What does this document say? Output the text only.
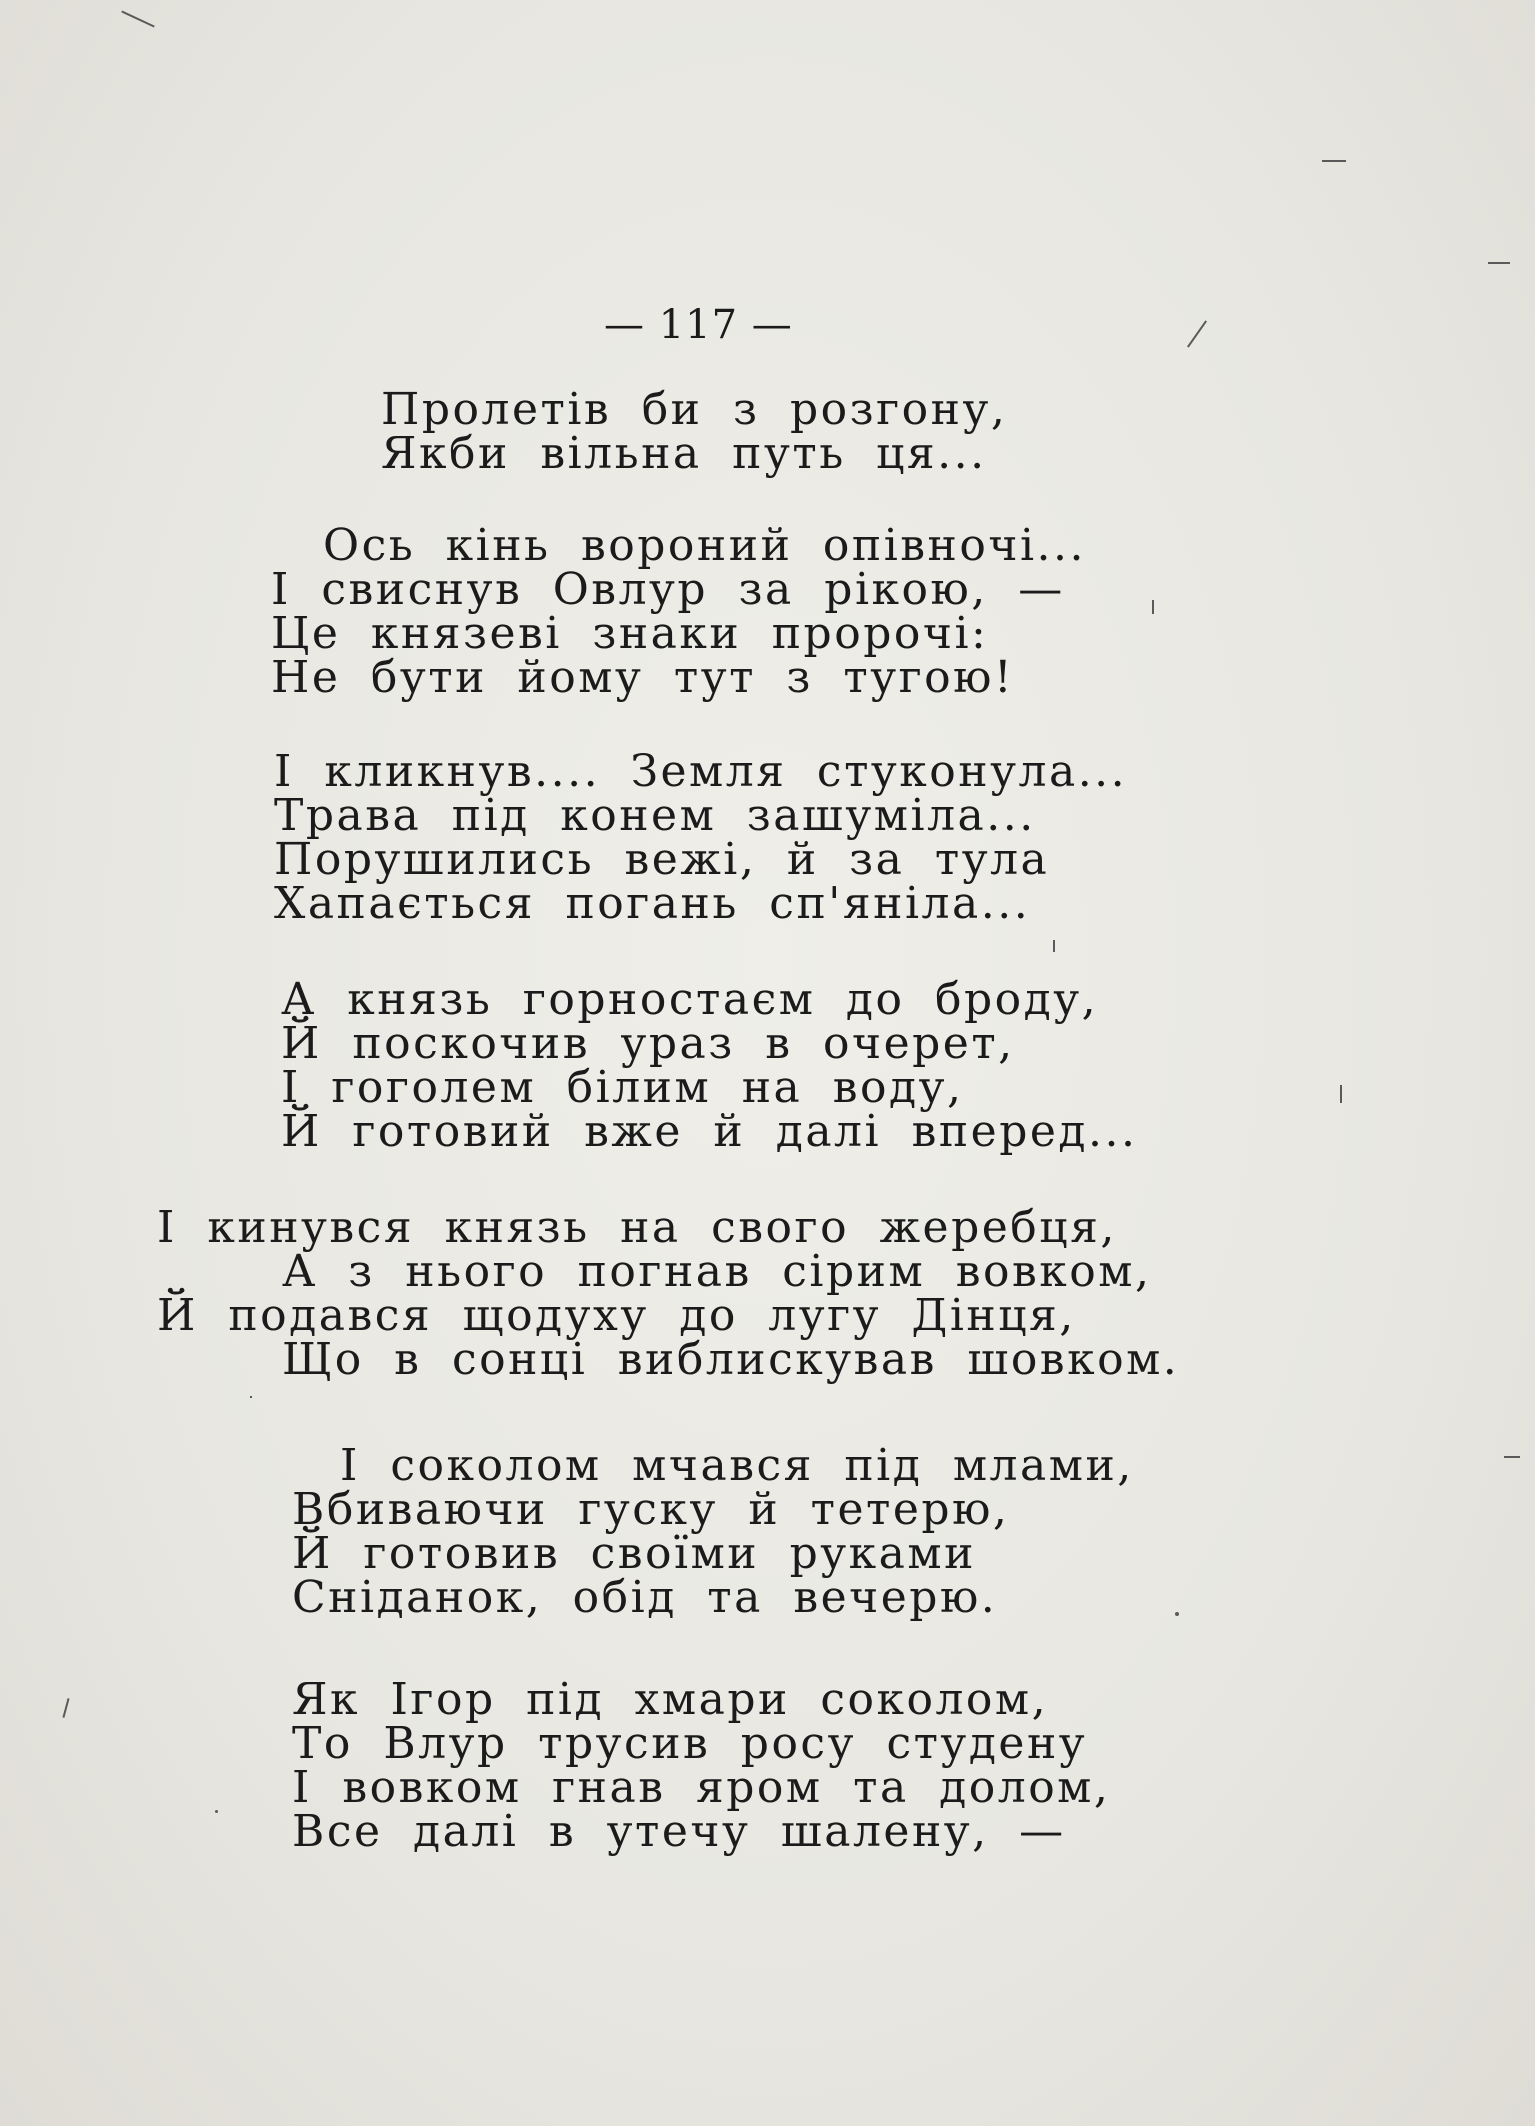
— 117 —
Пролетів би з розгону,
Якби вільна путь ця...
Ось кінь вороний опівночі...
І свиснув Овлур за рікою, —
Це князеві знаки пророчі:
Не бути йому тут з тугою!
І кликнув.... Земля стуконула...
Трава під конем зашуміла...
Порушились вежі, й за тула
Хапається погань сп'яніла...
А князь горностаєм до броду,
Й поскочив ураз в очерет,
І гоголем білим на воду,
Й готовий вже й далі вперед...
І кинувся князь на свого жеребця,
А з нього погнав сірим вовком,
Й подався щодуху до лугу Дінця,
Що в сонці виблискував шовком.
І соколом мчався під млами,
Вбиваючи гуску й тетерю,
Й готовив своїми руками
Сніданок, обід та вечерю.
Як Ігор під хмари соколом,
То Влур трусив росу студену
І вовком гнав яром та долом,
Все далі в утечу шалену, —
